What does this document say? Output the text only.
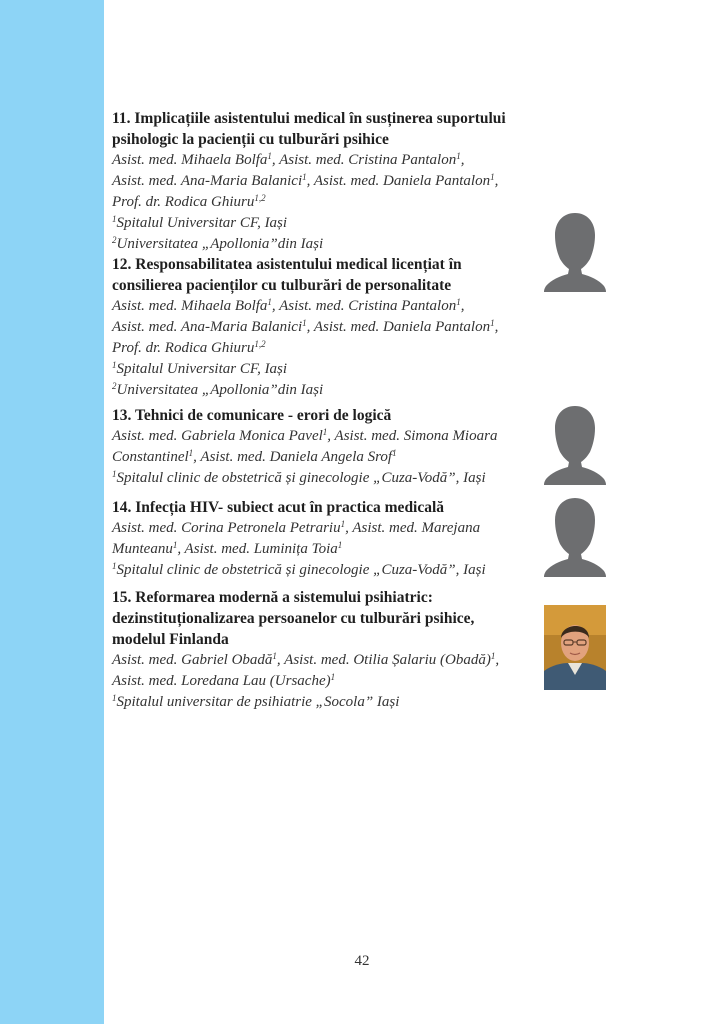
11. Implicațiile asistentului medical în susținerea suportului
psihologic la pacienții cu tulburări psihice
Asist. med. Mihaela Bolfa$^1$, Asist. med. Cristina Pantalon$^1$,
Asist. med. Ana-Maria Balanici$^1$, Asist. med. Daniela Pantalon$^1$,
Prof. dr. Rodica Ghiuru$^{1,2}$
$^1$Spitalul Universitar CF, Iași
$^2$Universitatea „Apollonia”din Iași
12. Responsabilitatea asistentului medical licențiat în
consilierea pacienților cu tulburări de personalitate
Asist. med. Mihaela Bolfa$^1$, Asist. med. Cristina Pantalon$^1$,
Asist. med. Ana-Maria Balanici$^1$, Asist. med. Daniela Pantalon$^1$,
Prof. dr. Rodica Ghiuru$^{1,2}$
$^1$Spitalul Universitar CF, Iași
$^2$Universitatea „Apollonia”din Iași
13. Tehnici de comunicare - erori de logică
Asist. med. Gabriela Monica Pavel$^1$, Asist. med. Simona Mioara
Constantinel$^1$, Asist. med. Daniela Angela Srof$^1$
$^1$Spitalul clinic de obstetrică și ginecologie „Cuza-Vodă”, Iași
14. Infecția HIV- subiect acut în practica medicală
Asist. med. Corina Petronela Petrariu$^1$, Asist. med. Marejana
Munteanu$^1$, Asist. med. Luminița Toia$^1$
$^1$Spitalul clinic de obstetrică și ginecologie „Cuza-Vodă”, Iași
15. Reformarea modernă a sistemului psihiatric:
dezinstituționalizarea persoanelor cu tulburări psihice,
modelul Finlanda
Asist. med. Gabriel Obadă$^1$, Asist. med. Otilia Șalariu (Obadă)$^1$,
Asist. med. Loredana Lau (Ursache)$^1$
$^1$Spitalul universitar de psihiatrie „Socola” Iași
42
